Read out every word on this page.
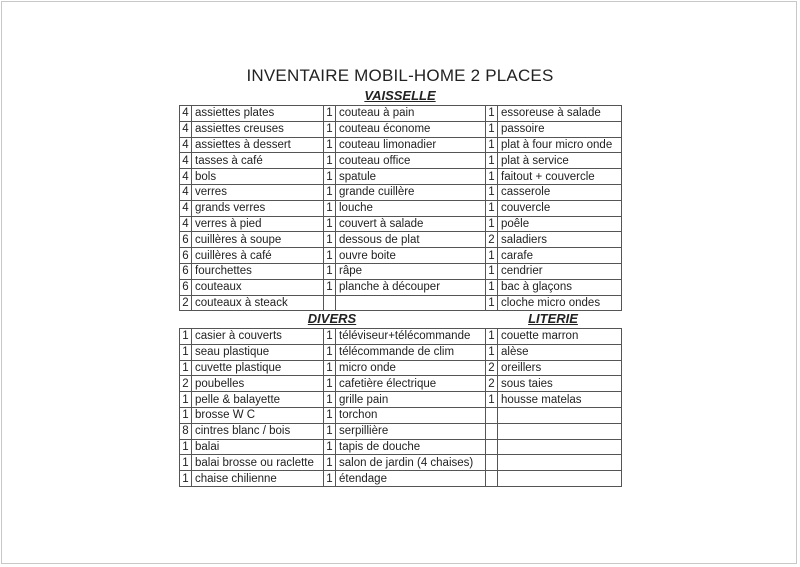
INVENTAIRE MOBIL-HOME 2 PLACES
VAISSELLE
4	assiettes plates	1	couteau à pain	1	essoreuse à salade
4	assiettes creuses	1	couteau économe	1	passoire
4	assiettes à dessert	1	couteau limonadier	1	plat à four micro onde
4	tasses à café	1	couteau office	1	plat à service
4	bols	1	spatule	1	faitout + couvercle
4	verres	1	grande cuillère	1	casserole
4	grands verres	1	louche	1	couvercle
4	verres à pied	1	couvert à salade	1	poêle
6	cuillères à soupe	1	dessous de plat	2	saladiers
6	cuillères à café	1	ouvre boite	1	carafe
6	fourchettes	1	râpe	1	cendrier
6	couteaux	1	planche à découper	1	bac à glaçons
2	couteaux à steack			1	cloche micro ondes
DIVERS	LITERIE
1	casier à couverts	1	téléviseur+télécommande	1	couette marron
1	seau plastique	1	télécommande de clim	1	alèse
1	cuvette plastique	1	micro onde	2	oreillers
2	poubelles	1	cafetière électrique	2	sous taies
1	pelle & balayette	1	grille pain	1	housse matelas
1	brosse W C	1	torchon		
8	cintres blanc / bois	1	serpillière		
1	balai	1	tapis de douche		
1	balai brosse ou raclette	1	salon de jardin (4 chaises)		
1	chaise chilienne	1	étendage		
